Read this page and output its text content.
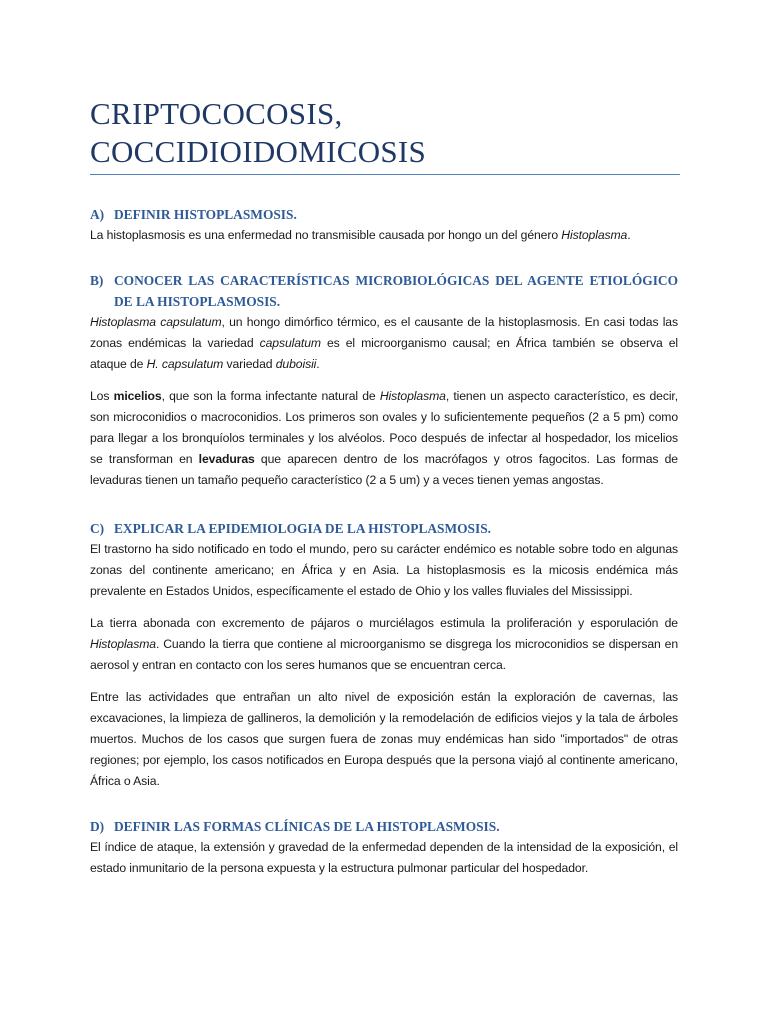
CRIPTOCOCOSIS, COCCIDIOIDOMICOSIS
A) DEFINIR HISTOPLASMOSIS.

La histoplasmosis es una enfermedad no transmisible causada por hongo un del género Histoplasma.

B) CONOCER LAS CARACTERÍSTICAS MICROBIOLÓGICAS DEL AGENTE ETIOLÓGICO DE LA HISTOPLASMOSIS.

Histoplasma capsulatum, un hongo dimórfico térmico, es el causante de la histoplasmosis. En casi todas las zonas endémicas la variedad capsulatum es el microorganismo causal; en África también se observa el ataque de H. capsulatum variedad duboisii.

Los micelios, que son la forma infectante natural de Histoplasma, tienen un aspecto característico, es decir, son microconidios o macroconidios. Los primeros son ovales y lo suficientemente pequeños (2 a 5 pm) como para llegar a los bronquíolos terminales y los alvéolos. Poco después de infectar al hospedador, los micelios se transforman en levaduras que aparecen dentro de los macrófagos y otros fagocitos. Las formas de levaduras tienen un tamaño pequeño característico (2 a 5 um) y a veces tienen yemas angostas.

C) EXPLICAR LA EPIDEMIOLOGIA DE LA HISTOPLASMOSIS.

El trastorno ha sido notificado en todo el mundo, pero su carácter endémico es notable sobre todo en algunas zonas del continente americano; en África y en Asia. La histoplasmosis es la micosis endémica más prevalente en Estados Unidos, específicamente el estado de Ohio y los valles fluviales del Mississippi.

La tierra abonada con excremento de pájaros o murciélagos estimula la proliferación y esporulación de Histoplasma. Cuando la tierra que contiene al microorganismo se disgrega los microconidios se dispersan en aerosol y entran en contacto con los seres humanos que se encuentran cerca.

Entre las actividades que entrañan un alto nivel de exposición están la exploración de cavernas, las excavaciones, la limpieza de gallineros, la demolición y la remodelación de edificios viejos y la tala de árboles muertos. Muchos de los casos que surgen fuera de zonas muy endémicas han sido "importados" de otras regiones; por ejemplo, los casos notificados en Europa después que la persona viajó al continente americano, África o Asia.

D) DEFINIR LAS FORMAS CLÍNICAS DE LA HISTOPLASMOSIS.

El índice de ataque, la extensión y gravedad de la enfermedad dependen de la intensidad de la exposición, el estado inmunitario de la persona expuesta y la estructura pulmonar particular del hospedador.
